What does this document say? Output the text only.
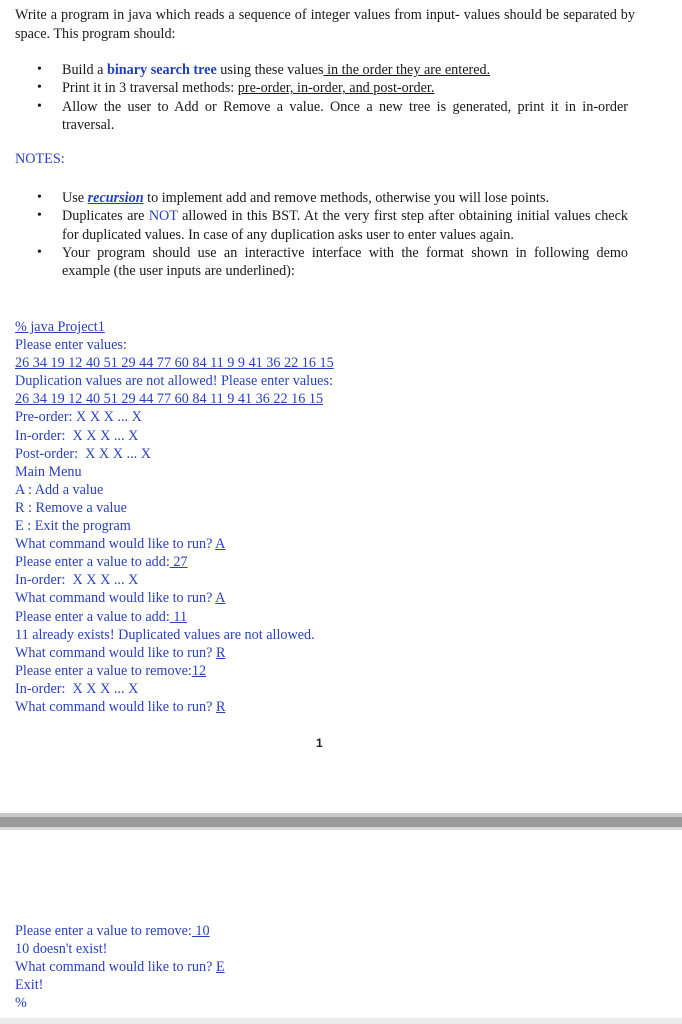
Write a program in java which reads a sequence of integer values from input- values should be separated by space. This program should:
• Build a binary search tree using these values in the order they are entered.
• Print it in 3 traversal methods: pre-order, in-order, and post-order.
• Allow the user to Add or Remove a value. Once a new tree is generated, print it in in-order traversal.
NOTES:
• Use recursion to implement add and remove methods, otherwise you will lose points.
• Duplicates are NOT allowed in this BST. At the very first step after obtaining initial values check for duplicated values. In case of any duplication asks user to enter values again.
• Your program should use an interactive interface with the format shown in following demo example (the user inputs are underlined):
% java Project1
Please enter values:
26 34 19 12 40 51 29 44 77 60 84 11 9 9 41 36 22 16 15
Duplication values are not allowed! Please enter values:
26 34 19 12 40 51 29 44 77 60 84 11 9 41 36 22 16 15
Pre-order: X X X ... X
In-order:  X X X ... X
Post-order:  X X X ... X
Main Menu
A : Add a value
R : Remove a value
E : Exit the program
What command would like to run? A
Please enter a value to add: 27
In-order:  X X X ... X
What command would like to run? A
Please enter a value to add: 11
11 already exists! Duplicated values are not allowed.
What command would like to run? R
Please enter a value to remove:12
In-order:  X X X ... X
What command would like to run? R
1
Please enter a value to remove: 10
10 doesn't exist!
What command would like to run? E
Exit!
%
